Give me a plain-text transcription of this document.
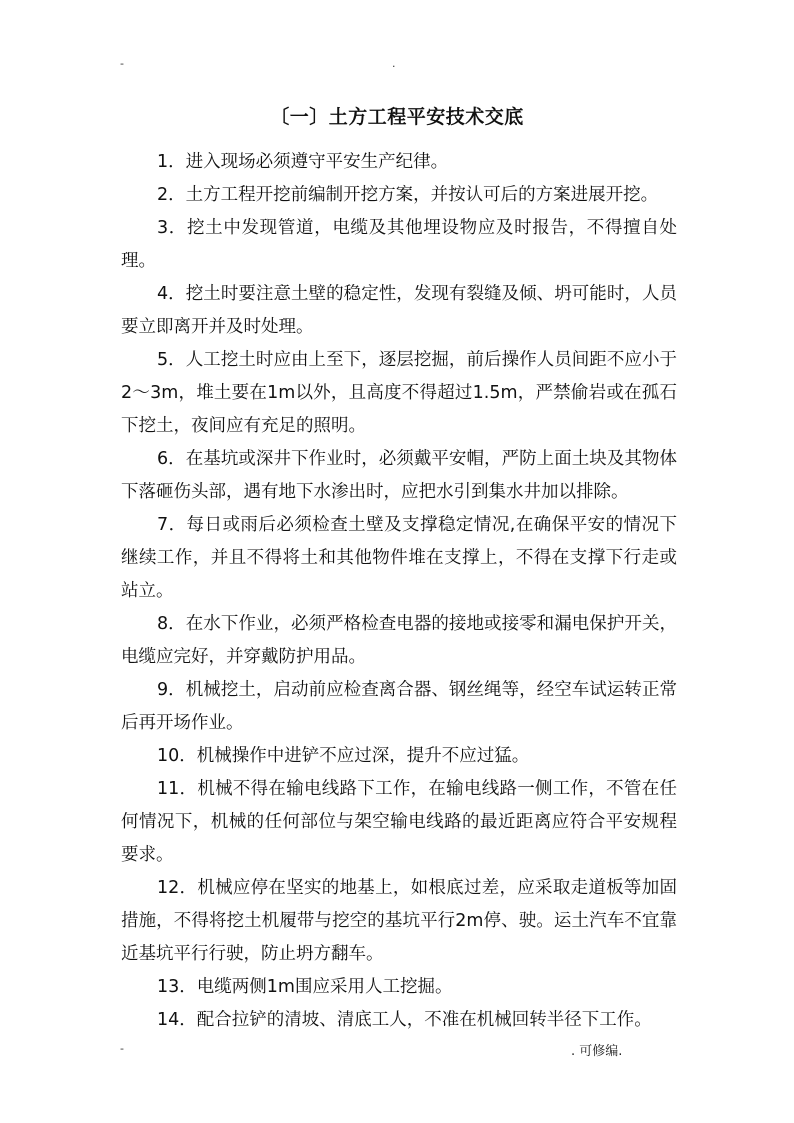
-	.
〔一〕土方工程平安技术交底

1．进入现场必须遵守平安生产纪律。

2．土方工程开挖前编制开挖方案，并按认可后的方案进展开挖。

3．挖土中发现管道，电缆及其他埋设物应及时报告，不得擅自处理。

4．挖土时要注意土壁的稳定性，发现有裂缝及倾、坍可能时，人员要立即离开并及时处理。

5．人工挖土时应由上至下，逐层挖掘，前后操作人员间距不应小于2～3m，堆土要在1m以外，且高度不得超过1.5m，严禁偷岩或在孤石下挖土，夜间应有充足的照明。

6．在基坑或深井下作业时，必须戴平安帽，严防上面土块及其物体下落砸伤头部，遇有地下水渗出时，应把水引到集水井加以排除。

7．每日或雨后必须检查土壁及支撑稳定情况,在确保平安的情况下继续工作，并且不得将土和其他物件堆在支撑上，不得在支撑下行走或站立。

8．在水下作业，必须严格检查电器的接地或接零和漏电保护开关，电缆应完好，并穿戴防护用品。

9．机械挖土，启动前应检查离合器、钢丝绳等，经空车试运转正常后再开场作业。

10．机械操作中进铲不应过深，提升不应过猛。

11．机械不得在输电线路下工作，在输电线路一侧工作，不管在任何情况下，机械的任何部位与架空输电线路的最近距离应符合平安规程要求。

12．机械应停在坚实的地基上，如根底过差，应采取走道板等加固措施，不得将挖土机履带与挖空的基坑平行2m停、驶。运土汽车不宜靠近基坑平行行驶，防止坍方翻车。

13．电缆两侧1m围应采用人工挖掘。

14．配合拉铲的清坡、清底工人，不准在机械回转半径下工作。

-	. 可修编.
